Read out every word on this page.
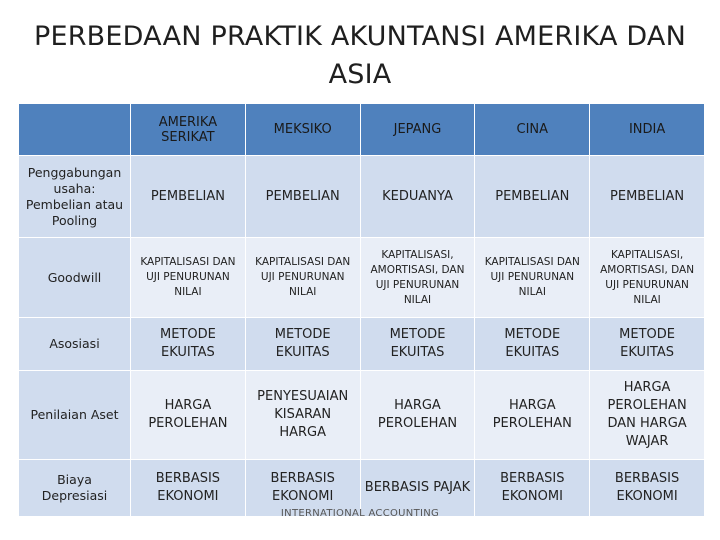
PERBEDAAN PRAKTIK AKUNTANSI AMERIKA DAN ASIA
	AMERIKA SERIKAT	MEKSIKO	JEPANG	CINA	INDIA
Penggabungan usaha: Pembelian atau Pooling	PEMBELIAN	PEMBELIAN	KEDUANYA	PEMBELIAN	PEMBELIAN
Goodwill	KAPITALISASI DAN UJI PENURUNAN NILAI	KAPITALISASI DAN UJI PENURUNAN NILAI	KAPITALISASI, AMORTISASI, DAN UJI PENURUNAN NILAI	KAPITALISASI DAN UJI PENURUNAN NILAI	KAPITALISASI, AMORTISASI, DAN UJI PENURUNAN NILAI
Asosiasi	METODE EKUITAS	METODE EKUITAS	METODE EKUITAS	METODE EKUITAS	METODE EKUITAS
Penilaian Aset	HARGA PEROLEHAN	PENYESUAIAN KISARAN HARGA	HARGA PEROLEHAN	HARGA PEROLEHAN	HARGA PEROLEHAN DAN HARGA WAJAR
Biaya Depresiasi	BERBASIS EKONOMI	BERBASIS EKONOMI	BERBASIS PAJAK	BERBASIS EKONOMI	BERBASIS EKONOMI
INTERNATIONAL ACCOUNTING
